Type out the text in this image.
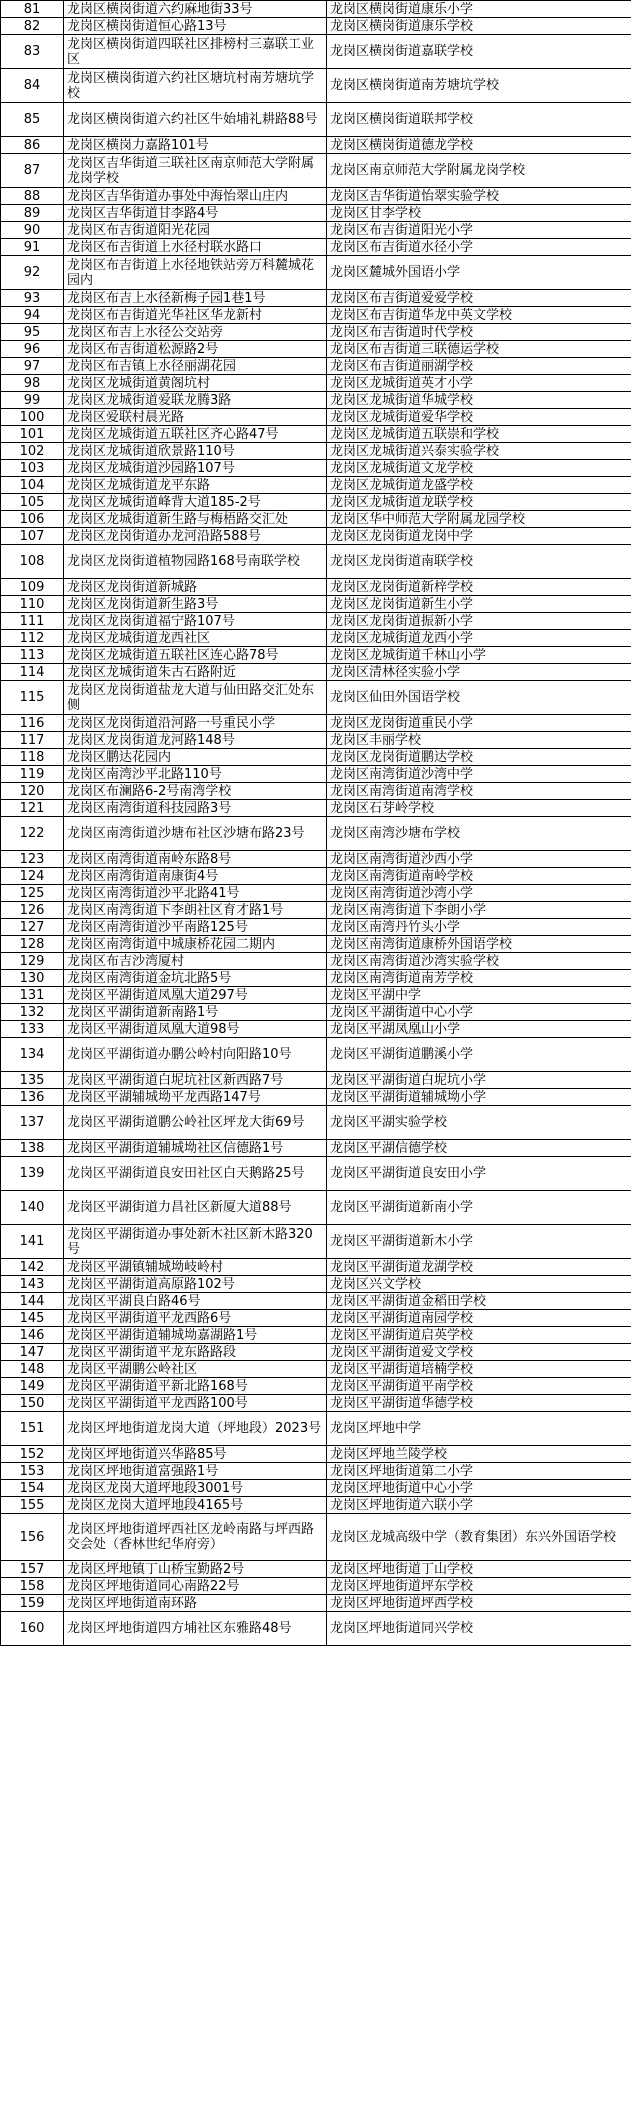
81	龙岗区横岗街道六约麻地街33号	龙岗区横岗街道康乐小学
82	龙岗区横岗街道恒心路13号	龙岗区横岗街道康乐学校
83	龙岗区横岗街道四联社区排榜村三嘉联工业区	龙岗区横岗街道嘉联学校
84	龙岗区横岗街道六约社区塘坑村南芳塘坑学校	龙岗区横岗街道南芳塘坑学校
85	龙岗区横岗街道六约社区牛始埔礼耕路88号	龙岗区横岗街道联邦学校
86	龙岗区横岗力嘉路101号	龙岗区横岗街道德龙学校
87	龙岗区吉华街道三联社区南京师范大学附属龙岗学校	龙岗区南京师范大学附属龙岗学校
88	龙岗区吉华街道办事处中海怡翠山庄内	龙岗区吉华街道怡翠实验学校
89	龙岗区吉华街道甘李路4号	龙岗区甘李学校
90	龙岗区布吉街道阳光花园	龙岗区布吉街道阳光小学
91	龙岗区布吉街道上水径村联水路口	龙岗区布吉街道水径小学
92	龙岗区布吉街道上水径地铁站旁万科麓城花园内	龙岗区麓城外国语小学
93	龙岗区布吉上水径新梅子园1巷1号	龙岗区布吉街道爱爱学校
94	龙岗区布吉街道光华社区华龙新村	龙岗区布吉街道华龙中英文学校
95	龙岗区布吉上水径公交站旁	龙岗区布吉街道时代学校
96	龙岗区布吉街道松源路2号	龙岗区布吉街道三联德运学校
97	龙岗区布吉镇上水径丽湖花园	龙岗区布吉街道丽湖学校
98	龙岗区龙城街道黄阁坑村	龙岗区龙城街道英才小学
99	龙岗区龙城街道爱联龙腾3路	龙岗区龙城街道华城学校
100	龙岗区爱联村晨光路	龙岗区龙城街道爱华学校
101	龙岗区龙城街道五联社区齐心路47号	龙岗区龙城街道五联崇和学校
102	龙岗区龙城街道欣景路110号	龙岗区龙城街道兴泰实验学校
103	龙岗区龙城街道沙园路107号	龙岗区龙城街道文龙学校
104	龙岗区龙城街道龙平东路	龙岗区龙城街道龙盛学校
105	龙岗区龙城街道峰背大道185-2号	龙岗区龙城街道龙联学校
106	龙岗区龙城街道新生路与梅梧路交汇处	龙岗区华中师范大学附属龙园学校
107	龙岗区龙岗街道办龙河沿路588号	龙岗区龙岗街道龙岗中学
108	龙岗区龙岗街道植物园路168号南联学校	龙岗区龙岗街道南联学校
109	龙岗区龙岗街道新城路	龙岗区龙岗街道新梓学校
110	龙岗区龙岗街道新生路3号	龙岗区龙岗街道新生小学
111	龙岗区龙岗街道福宁路107号	龙岗区龙岗街道振新小学
112	龙岗区龙城街道龙西社区	龙岗区龙城街道龙西小学
113	龙岗区龙城街道五联社区连心路78号	龙岗区龙城街道千林山小学
114	龙岗区龙城街道朱古石路附近	龙岗区清林径实验小学
115	龙岗区龙岗街道盐龙大道与仙田路交汇处东侧	龙岗区仙田外国语学校
116	龙岗区龙岗街道沿河路一号重民小学	龙岗区龙岗街道重民小学
117	龙岗区龙岗街道龙河路148号	龙岗区丰丽学校
118	龙岗区鹏达花园内	龙岗区龙岗街道鹏达学校
119	龙岗区南湾沙平北路110号	龙岗区南湾街道沙湾中学
120	龙岗区布澜路6-2号南湾学校	龙岗区南湾街道南湾学校
121	龙岗区南湾街道科技园路3号	龙岗区石芽岭学校
122	龙岗区南湾街道沙塘布社区沙塘布路23号	龙岗区南湾沙塘布学校
123	龙岗区南湾街道南岭东路8号	龙岗区南湾街道沙西小学
124	龙岗区南湾街道南康街4号	龙岗区南湾街道南岭学校
125	龙岗区南湾街道沙平北路41号	龙岗区南湾街道沙湾小学
126	龙岗区南湾街道下李朗社区育才路1号	龙岗区南湾街道下李朗小学
127	龙岗区南湾街道沙平南路125号	龙岗区南湾丹竹头小学
128	龙岗区南湾街道中城康桥花园二期内	龙岗区南湾街道康桥外国语学校
129	龙岗区布吉沙湾厦村	龙岗区南湾街道沙湾实验学校
130	龙岗区南湾街道金坑北路5号	龙岗区南湾街道南芳学校
131	龙岗区平湖街道凤凰大道297号	龙岗区平湖中学
132	龙岗区平湖街道新南路1号	龙岗区平湖街道中心小学
133	龙岗区平湖街道凤凰大道98号	龙岗区平湖凤凰山小学
134	龙岗区平湖街道办鹏公岭村向阳路10号	龙岗区平湖街道鹏溪小学
135	龙岗区平湖街道白坭坑社区新西路7号	龙岗区平湖街道白坭坑小学
136	龙岗区平湖辅城坳平龙西路147号	龙岗区平湖街道辅城坳小学
137	龙岗区平湖街道鹏公岭社区坪龙大街69号	龙岗区平湖实验学校
138	龙岗区平湖街道辅城坳社区信德路1号	龙岗区平湖信德学校
139	龙岗区平湖街道良安田社区白天鹅路25号	龙岗区平湖街道良安田小学
140	龙岗区平湖街道力昌社区新厦大道88号	龙岗区平湖街道新南小学
141	龙岗区平湖街道办事处新木社区新木路320号	龙岗区平湖街道新木小学
142	龙岗区平湖镇辅城坳岐岭村	龙岗区平湖街道龙湖学校
143	龙岗区平湖街道高原路102号	龙岗区兴文学校
144	龙岗区平湖良白路46号	龙岗区平湖街道金稻田学校
145	龙岗区平湖街道平龙西路6号	龙岗区平湖街道南园学校
146	龙岗区平湖街道辅城坳嘉湖路1号	龙岗区平湖街道启英学校
147	龙岗区平湖街道平龙东路路段	龙岗区平湖街道爱文学校
148	龙岗区平湖鹏公岭社区	龙岗区平湖街道培楠学校
149	龙岗区平湖街道平新北路168号	龙岗区平湖街道平南学校
150	龙岗区平湖街道平龙西路100号	龙岗区平湖街道华德学校
151	龙岗区坪地街道龙岗大道（坪地段）2023号	龙岗区坪地中学
152	龙岗区坪地街道兴华路85号	龙岗区坪地兰陵学校
153	龙岗区坪地街道富强路1号	龙岗区坪地街道第二小学
154	龙岗区龙岗大道坪地段3001号	龙岗区坪地街道中心小学
155	龙岗区龙岗大道坪地段4165号	龙岗区坪地街道六联小学
156	龙岗区坪地街道坪西社区龙岭南路与坪西路交会处（香林世纪华府旁）	龙岗区龙城高级中学（教育集团）东兴外国语学校
157	龙岗区坪地镇丁山桥宝勤路2号	龙岗区坪地街道丁山学校
158	龙岗区坪地街道同心南路22号	龙岗区坪地街道坪东学校
159	龙岗区坪地街道南环路	龙岗区坪地街道坪西学校
160	龙岗区坪地街道四方埔社区东雅路48号	龙岗区坪地街道同兴学校
